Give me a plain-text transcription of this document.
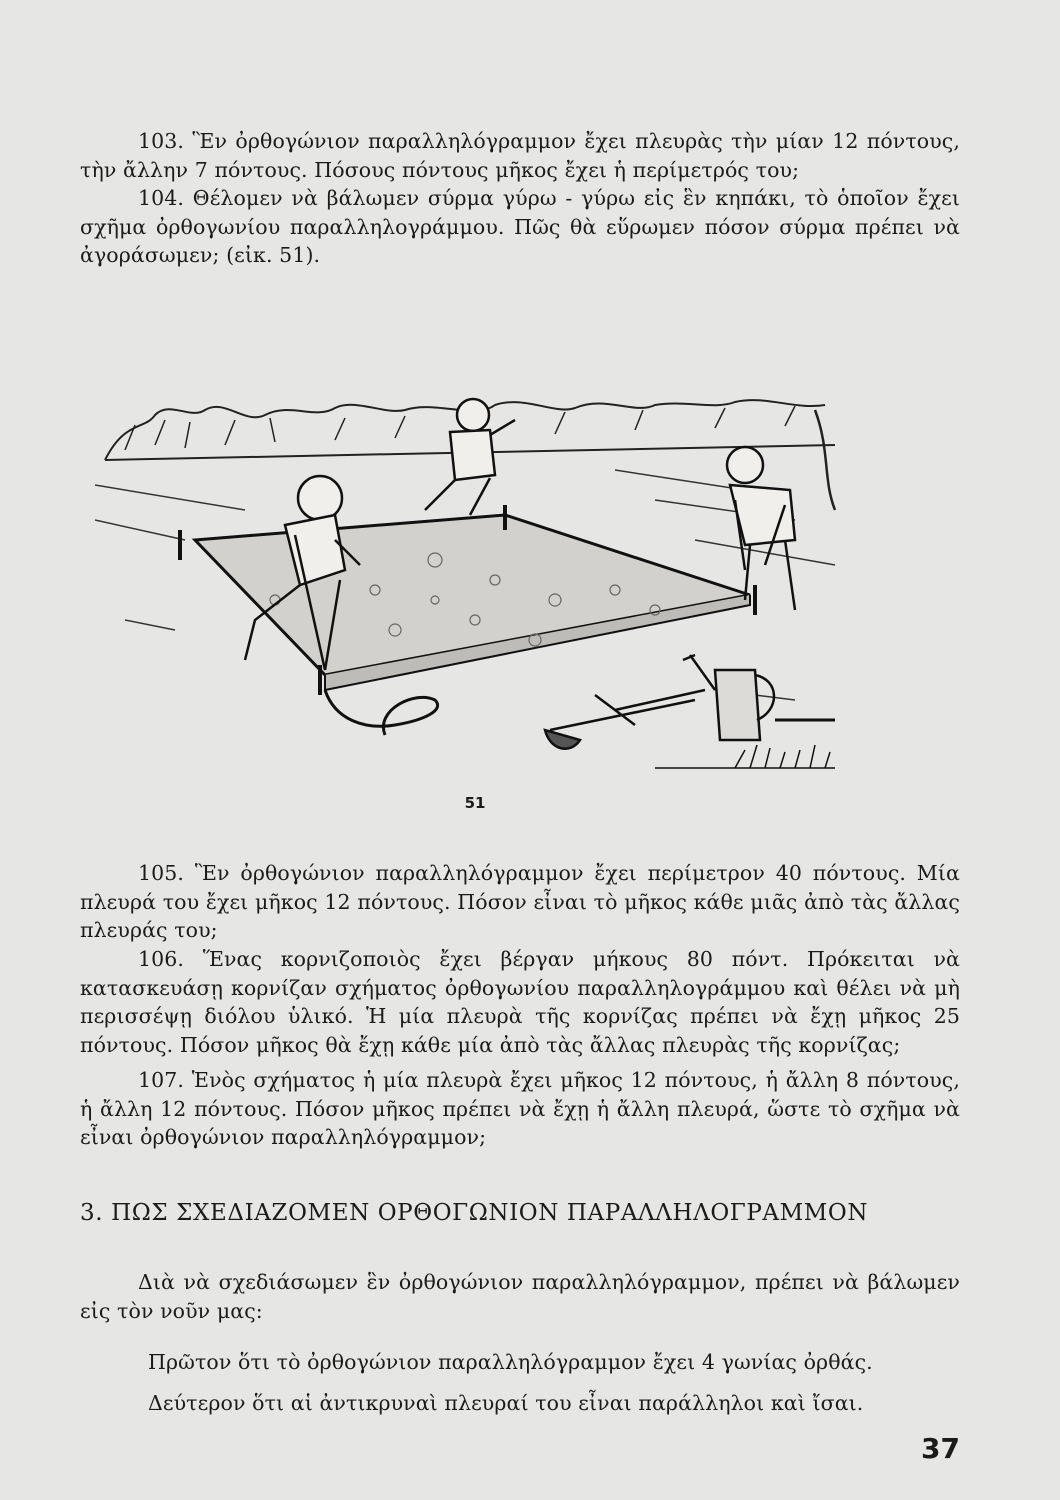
103. Ἓν ὀρθογώνιον παραλληλόγραμμον ἔχει πλευρὰς τὴν μίαν 12 πόντους, τὴν ἄλλην 7 πόντους. Πόσους πόντους μῆκος ἔχει ἡ περίμετρός του;
104. Θέλομεν νὰ βάλωμεν σύρμα γύρω - γύρω εἰς ἓν κηπάκι, τὸ ὁποῖον ἔχει σχῆμα ὀρθογωνίου παραλληλογράμμου. Πῶς θὰ εὕρωμεν πόσον σύρμα πρέπει νὰ ἀγοράσωμεν; (εἰκ. 51).
51
105. Ἓν ὀρθογώνιον παραλληλόγραμμον ἔχει περίμετρον 40 πόντους. Μία πλευρά του ἔχει μῆκος 12 πόντους. Πόσον εἶναι τὸ μῆκος κάθε μιᾶς ἀπὸ τὰς ἄλλας πλευράς του;
106. Ἕνας κορνιζοποιὸς ἔχει βέργαν μήκους 80 πόντ. Πρόκειται νὰ κατασκευάσῃ κορνίζαν σχήματος ὀρθογωνίου παραλληλογράμμου καὶ θέλει νὰ μὴ περισσέψῃ διόλου ὑλικό. Ἡ μία πλευρὰ τῆς κορνίζας πρέπει νὰ ἔχῃ μῆκος 25 πόντους. Πόσον μῆκος θὰ ἔχῃ κάθε μία ἀπὸ τὰς ἄλλας πλευρὰς τῆς κορνίζας;
107. Ἑνὸς σχήματος ἡ μία πλευρὰ ἔχει μῆκος 12 πόντους, ἡ ἄλλη 8 πόντους, ἡ ἄλλη 12 πόντους. Πόσον μῆκος πρέπει νὰ ἔχῃ ἡ ἄλλη πλευρά, ὥστε τὸ σχῆμα νὰ εἶναι ὀρθογώνιον παραλληλόγραμμον;
3. ΠΩΣ ΣΧΕΔΙΑΖΟΜΕΝ ΟΡΘΟΓΩΝΙΟΝ ΠΑΡΑΛΛΗΛΟΓΡΑΜΜΟΝ
Διὰ νὰ σχεδιάσωμεν ἓν ὀρθογώνιον παραλληλόγραμμον, πρέπει νὰ βάλωμεν εἰς τὸν νοῦν μας:
Πρῶτον ὅτι τὸ ὀρθογώνιον παραλληλόγραμμον ἔχει 4 γωνίας ὀρθάς.
Δεύτερον ὅτι αἱ ἀντικρυναὶ πλευραί του εἶναι παράλληλοι καὶ ἴσαι.
37
